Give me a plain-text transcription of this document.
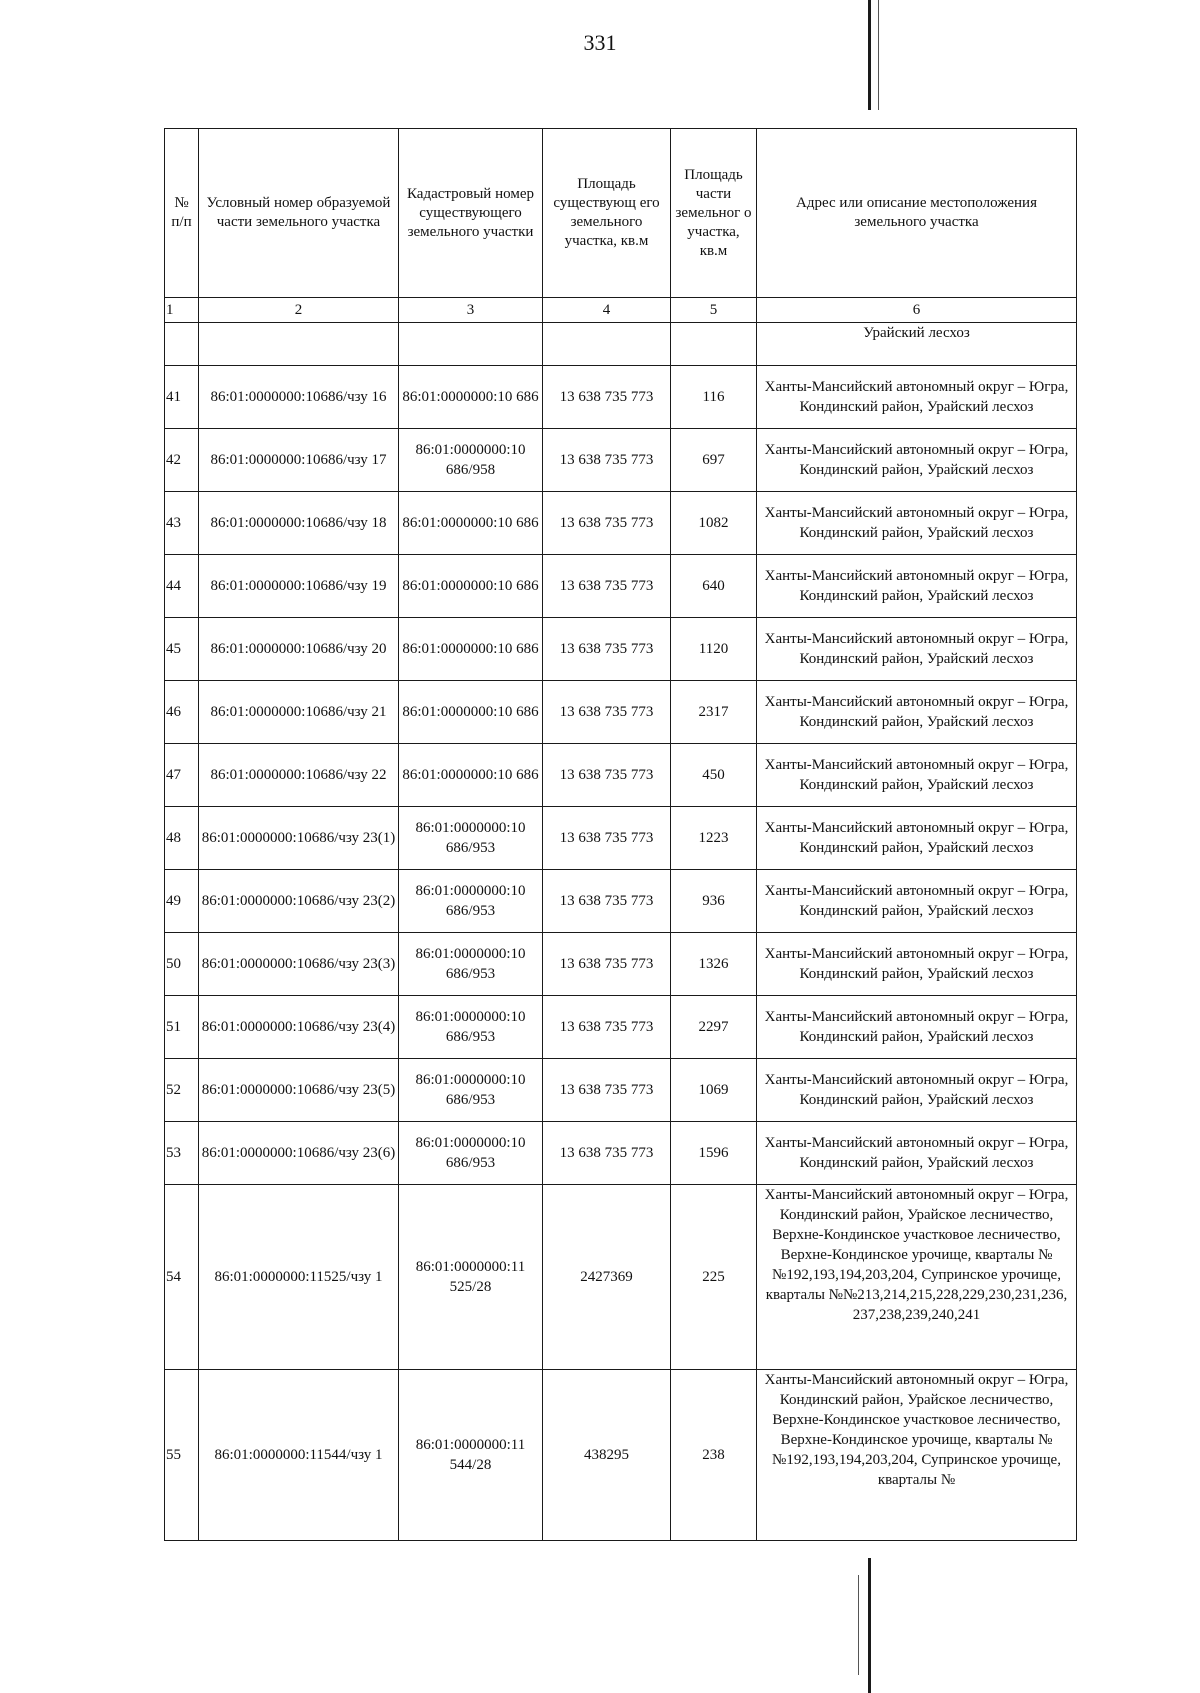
331
№ п/п	Условный номер образуемой части земельного участка	Кадастровый номер существующего земельного участки	Площадь существующ его земельного участка, кв.м	Площадь части земельног о участка, кв.м	Адрес или описание местоположения земельного участка
1	2	3	4	5	6
					Урайский лесхоз
41	86:01:0000000:10686/чзу 16	86:01:0000000:10 686	13 638 735 773	116	Ханты-Мансийский автономный округ – Югра, Кондинский район, Урайский лесхоз
42	86:01:0000000:10686/чзу 17	86:01:0000000:10 686/958	13 638 735 773	697	Ханты-Мансийский автономный округ – Югра, Кондинский район, Урайский лесхоз
43	86:01:0000000:10686/чзу 18	86:01:0000000:10 686	13 638 735 773	1082	Ханты-Мансийский автономный округ – Югра, Кондинский район, Урайский лесхоз
44	86:01:0000000:10686/чзу 19	86:01:0000000:10 686	13 638 735 773	640	Ханты-Мансийский автономный округ – Югра, Кондинский район, Урайский лесхоз
45	86:01:0000000:10686/чзу 20	86:01:0000000:10 686	13 638 735 773	1120	Ханты-Мансийский автономный округ – Югра, Кондинский район, Урайский лесхоз
46	86:01:0000000:10686/чзу 21	86:01:0000000:10 686	13 638 735 773	2317	Ханты-Мансийский автономный округ – Югра, Кондинский район, Урайский лесхоз
47	86:01:0000000:10686/чзу 22	86:01:0000000:10 686	13 638 735 773	450	Ханты-Мансийский автономный округ – Югра, Кондинский район, Урайский лесхоз
48	86:01:0000000:10686/чзу 23(1)	86:01:0000000:10 686/953	13 638 735 773	1223	Ханты-Мансийский автономный округ – Югра, Кондинский район, Урайский лесхоз
49	86:01:0000000:10686/чзу 23(2)	86:01:0000000:10 686/953	13 638 735 773	936	Ханты-Мансийский автономный округ – Югра, Кондинский район, Урайский лесхоз
50	86:01:0000000:10686/чзу 23(3)	86:01:0000000:10 686/953	13 638 735 773	1326	Ханты-Мансийский автономный округ – Югра, Кондинский район, Урайский лесхоз
51	86:01:0000000:10686/чзу 23(4)	86:01:0000000:10 686/953	13 638 735 773	2297	Ханты-Мансийский автономный округ – Югра, Кондинский район, Урайский лесхоз
52	86:01:0000000:10686/чзу 23(5)	86:01:0000000:10 686/953	13 638 735 773	1069	Ханты-Мансийский автономный округ – Югра, Кондинский район, Урайский лесхоз
53	86:01:0000000:10686/чзу 23(6)	86:01:0000000:10 686/953	13 638 735 773	1596	Ханты-Мансийский автономный округ – Югра, Кондинский район, Урайский лесхоз
54	86:01:0000000:11525/чзу 1	86:01:0000000:11 525/28	2427369	225	Ханты-Мансийский автономный округ – Югра, Кондинский район, Урайское лесничество, Верхне-Кондинское участковое лесничество, Верхне-Кондинское урочище, кварталы №№192,193,194,203,204, Супринское урочище, кварталы №№213,214,215,228,229,230,231,236, 237,238,239,240,241
55	86:01:0000000:11544/чзу 1	86:01:0000000:11 544/28	438295	238	Ханты-Мансийский автономный округ – Югра, Кондинский район, Урайское лесничество, Верхне-Кондинское участковое лесничество, Верхне-Кондинское урочище, кварталы № №192,193,194,203,204, Супринское урочище, кварталы №
